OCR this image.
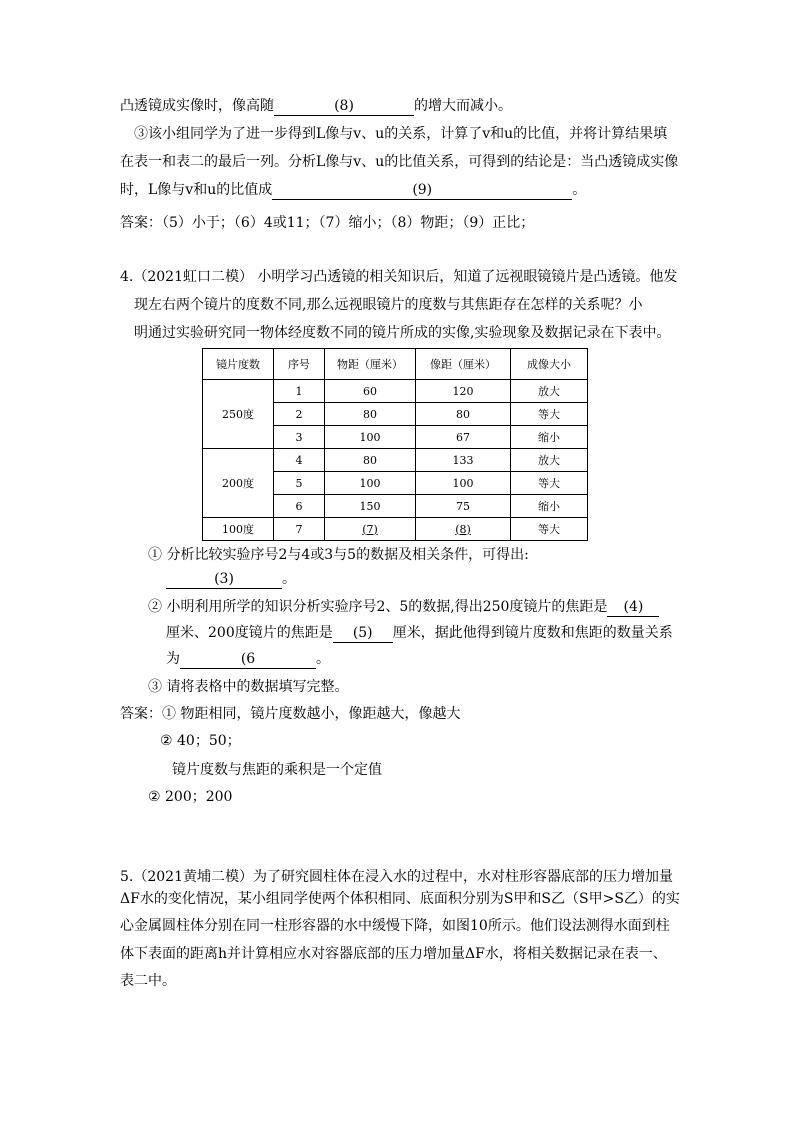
凸透镜成实像时，像高随	(8)	的增大而减小。
③该小组同学为了进一步得到L像与v、u的关系，计算了v和u的比值，并将计算结果填
在表一和表二的最后一列。分析L像与v、u的比值关系，可得到的结论是：当凸透镜成实像
时，L像与v和u的比值成	(9)	。
答案：（5）小于；（6）4或11；（7）缩小；（8）物距；（9）正比；
4.（2021虹口二模） 小明学习凸透镜的相关知识后，知道了远视眼镜镜片是凸透镜。他发
现左右两个镜片的度数不同,那么远视眼镜片的度数与其焦距存在怎样的关系呢？小
明通过实验研究同一物体经度数不同的镜片所成的实像,实验现象及数据记录在下表中。
镜片度数	序号	物距（厘米）	像距（厘米）	成像大小
250度	1	60	120	放大
	2	80	80	等大
	3	100	67	缩小
200度	4	80	133	放大
	5	100	100	等大
	6	150	75	缩小
100度	7	(7)	(8)	等大
① 分析比较实验序号2与4或3与5的数据及相关条件，可得出:
(3)	。
② 小明利用所学的知识分析实验序号2、5的数据,得出250度镜片的焦距是 (4)
厘米、200度镜片的焦距是 (5) 厘米，据此他得到镜片度数和焦距的数量关系
为	(6	。
③ 请将表格中的数据填写完整。
答案：① 物距相同，镜片度数越小，像距越大，像越大
② 40；50；
镜片度数与焦距的乘积是一个定值
② 200；200
5.（2021黄埔二模）为了研究圆柱体在浸入水的过程中，水对柱形容器底部的压力增加量
ΔF水的变化情况，某小组同学使两个体积相同、底面积分别为S甲和S乙（S甲>S乙）的实
心金属圆柱体分别在同一柱形容器的水中缓慢下降，如图10所示。他们设法测得水面到柱
体下表面的距离h并计算相应水对容器底部的压力增加量ΔF水，将相关数据记录在表一、
表二中。
